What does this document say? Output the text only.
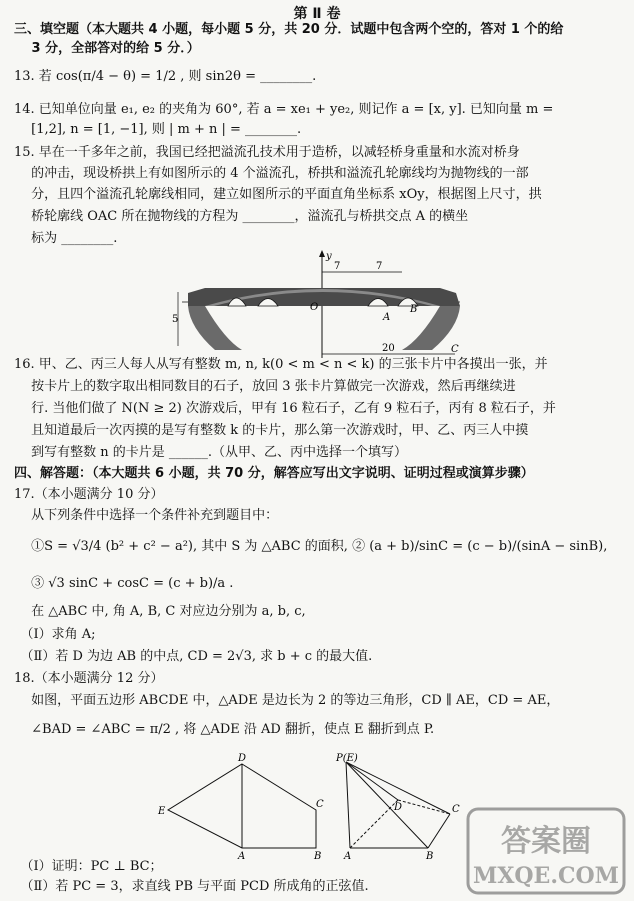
第 Ⅱ 卷
三、填空题（本大题共 4 小题，每小题 5 分，共 20 分．试题中包含两个空的，答对 1 个的给
　 3 分，全部答对的给 5 分．）
13. 若 cos(π/4 − θ) = 1/2 , 则 sin2θ = ________.
14. 已知单位向量 e₁, e₂ 的夹角为 60°, 若 a = xe₁ + ye₂, 则记作 a = [x, y]. 已知向量 m =
　 [1,2], n = [1, −1], 则 | m + n | = ________.
15. 早在一千多年之前，我国已经把溢流孔技术用于造桥，以减轻桥身重量和水流对桥身
　 的冲击，现设桥拱上有如图所示的 4 个溢流孔，桥拱和溢流孔轮廓线均为抛物线的一部
　 分，且四个溢流孔轮廓线相同，建立如图所示的平面直角坐标系 xOy，根据图上尺寸，拱
　 桥轮廓线 OAC 所在抛物线的方程为 ________，溢流孔与桥拱交点 A 的横坐
　 标为 ________.
y
5
7	7
20
O
A
B
C
16. 甲、乙、丙三人每人从写有整数 m, n, k(0 < m < n < k) 的三张卡片中各摸出一张，并
　 按卡片上的数字取出相同数目的石子，放回 3 张卡片算做完一次游戏，然后再继续进
　 行. 当他们做了 N(N ≥ 2) 次游戏后，甲有 16 粒石子，乙有 9 粒石子，丙有 8 粒石子，并
　 且知道最后一次丙摸的是写有整数 k 的卡片，那么第一次游戏时，甲、乙、丙三人中摸
　 到写有整数 n 的卡片是 ______.（从甲、乙、丙中选择一个填写）
四、解答题：（本大题共 6 小题，共 70 分，解答应写出文字说明、证明过程或演算步骤）
17.（本小题满分 10 分）
　 从下列条件中选择一个条件补充到题目中：
　 ①S = √3/4 (b² + c² − a²), 其中 S 为 △ABC 的面积, ② (a + b)/sinC = (c − b)/(sinA − sinB),
　 ③ √3 sinC + cosC = (c + b)/a .
　 在 △ABC 中, 角 A, B, C 对应边分别为 a, b, c,
　（Ⅰ）求角 A;
　（Ⅱ）若 D 为边 AB 的中点, CD = 2√3, 求 b + c 的最大值.
18.（本小题满分 12 分）
　 如图，平面五边形 ABCDE 中，△ADE 是边长为 2 的等边三角形，CD ∥ AE，CD = AE，
　 ∠BAD = ∠ABC = π/2 , 将 △ADE 沿 AD 翻折，使点 E 翻折到点 P.
D
C
E
A	B
P(E)
D	C
A	B
　（Ⅰ）证明：PC ⊥ BC；
　（Ⅱ）若 PC = 3，求直线 PB 与平面 PCD 所成角的正弦值.
答案圈
MXQE.COM
